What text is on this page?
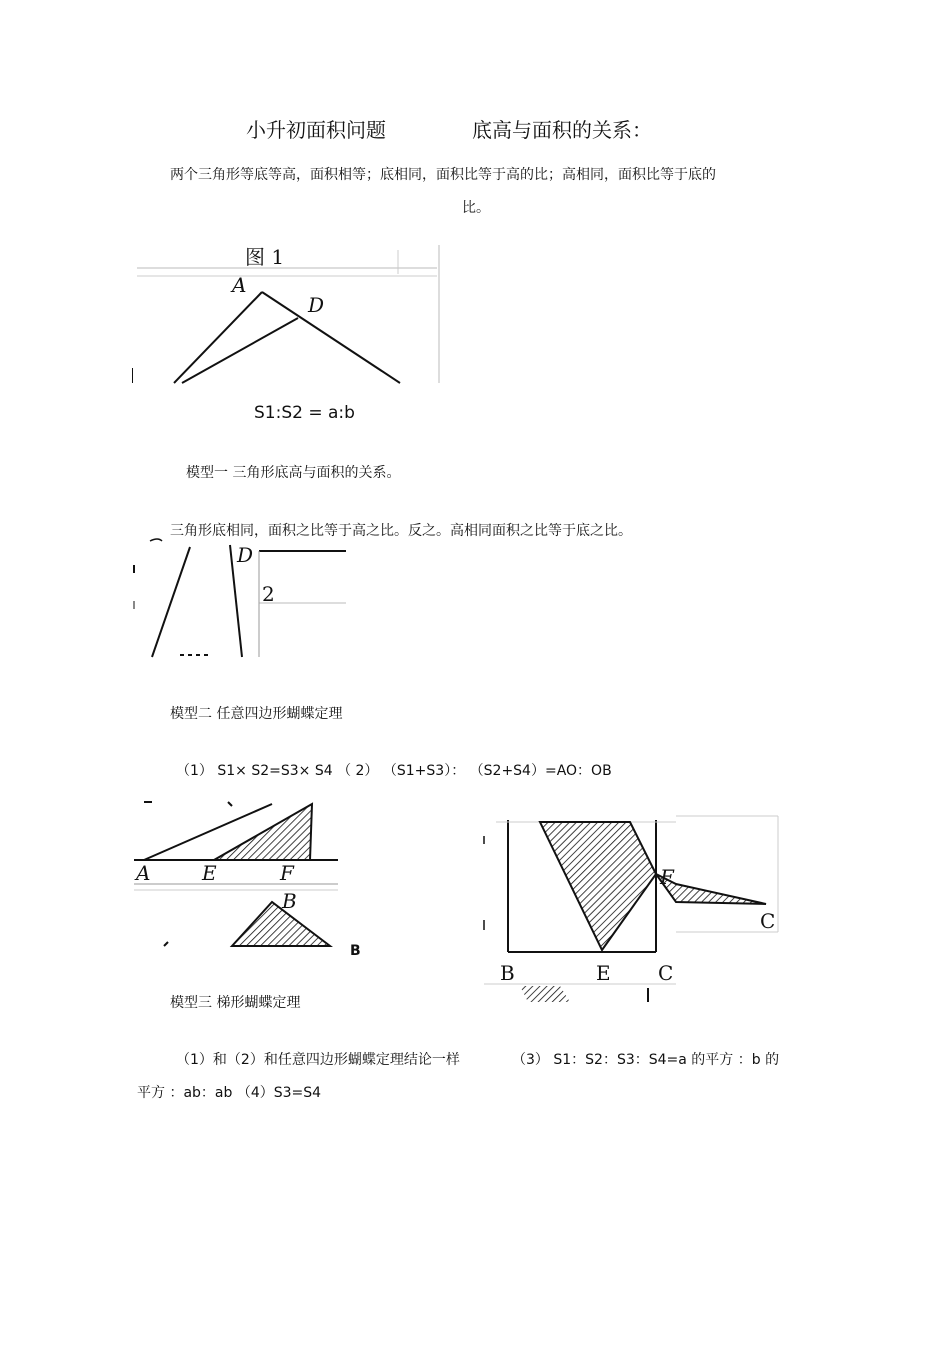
小升初面积问题	底高与面积的关系：
两个三角形等底等高，面积相等；底相同，面积比等于高的比；高相同，面积比等于底的
比。
图 1
A
D
S1:S2 = a:b
模型一 三角形底高与面积的关系。
三角形底相同，面积之比等于高之比。反之。高相同面积之比等于底之比。
D
2
模型二 任意四边形蝴蝶定理
（1） S1× S2=S3× S4 （ 2） （S1+S3）： （S2+S4）=AO：OB
A	E	F
B
B
F
C
B	E C
模型三 梯形蝴蝶定理
（1）和（2）和任意四边形蝴蝶定理结论一样	（3） S1：S2：S3：S4=a 的平方 ：b 的
平方 ：ab：ab （4）S3=S4
